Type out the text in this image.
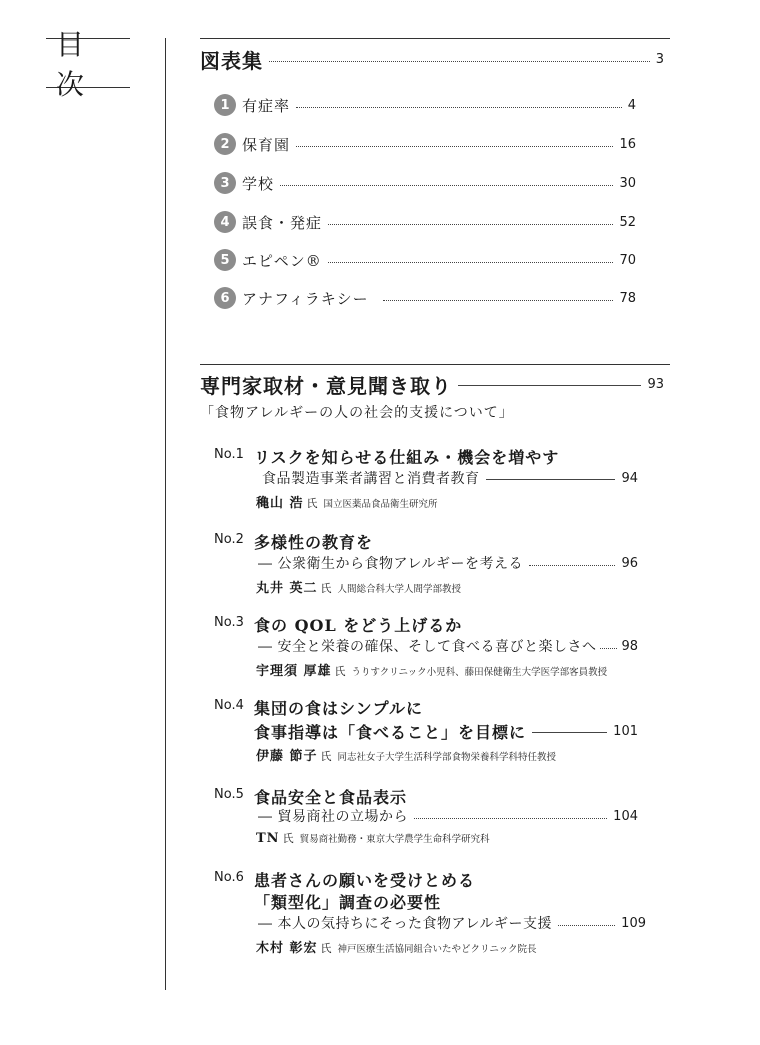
目 次
図表集	3
1 有症率	4
2 保育園	16
3 学校	30
4 誤食・発症	52
5 エピペン®	70
6 アナフィラキシー	78
専門家取材・意見聞き取り	93
「食物アレルギーの人の社会的支援について」
No.1 リスクを知らせる仕組み・機会を増やす
食品製造事業者講習と消費者教育	94
穐山 浩 氏 国立医薬品食品衛生研究所
No.2 多様性の教育を
― 公衆衛生から食物アレルギーを考える	96
丸井 英二 氏 人間総合科大学人間学部教授
No.3 食の QOL をどう上げるか
― 安全と栄養の確保、そして食べる喜びと楽しさへ 98
宇理須 厚雄 氏 うりすクリニック小児科、藤田保健衛生大学医学部客員教授
No.4 集団の食はシンプルに
食事指導は「食べること」を目標に	101
伊藤 節子 氏 同志社女子大学生活科学部食物栄養科学科特任教授
No.5 食品安全と食品表示
― 貿易商社の立場から	104
TN 氏 貿易商社勤務・東京大学農学生命科学研究科
No.6 患者さんの願いを受けとめる
「類型化」調査の必要性
― 本人の気持ちにそった食物アレルギー支援	109
木村 彰宏 氏 神戸医療生活協同組合いたやどクリニック院長
